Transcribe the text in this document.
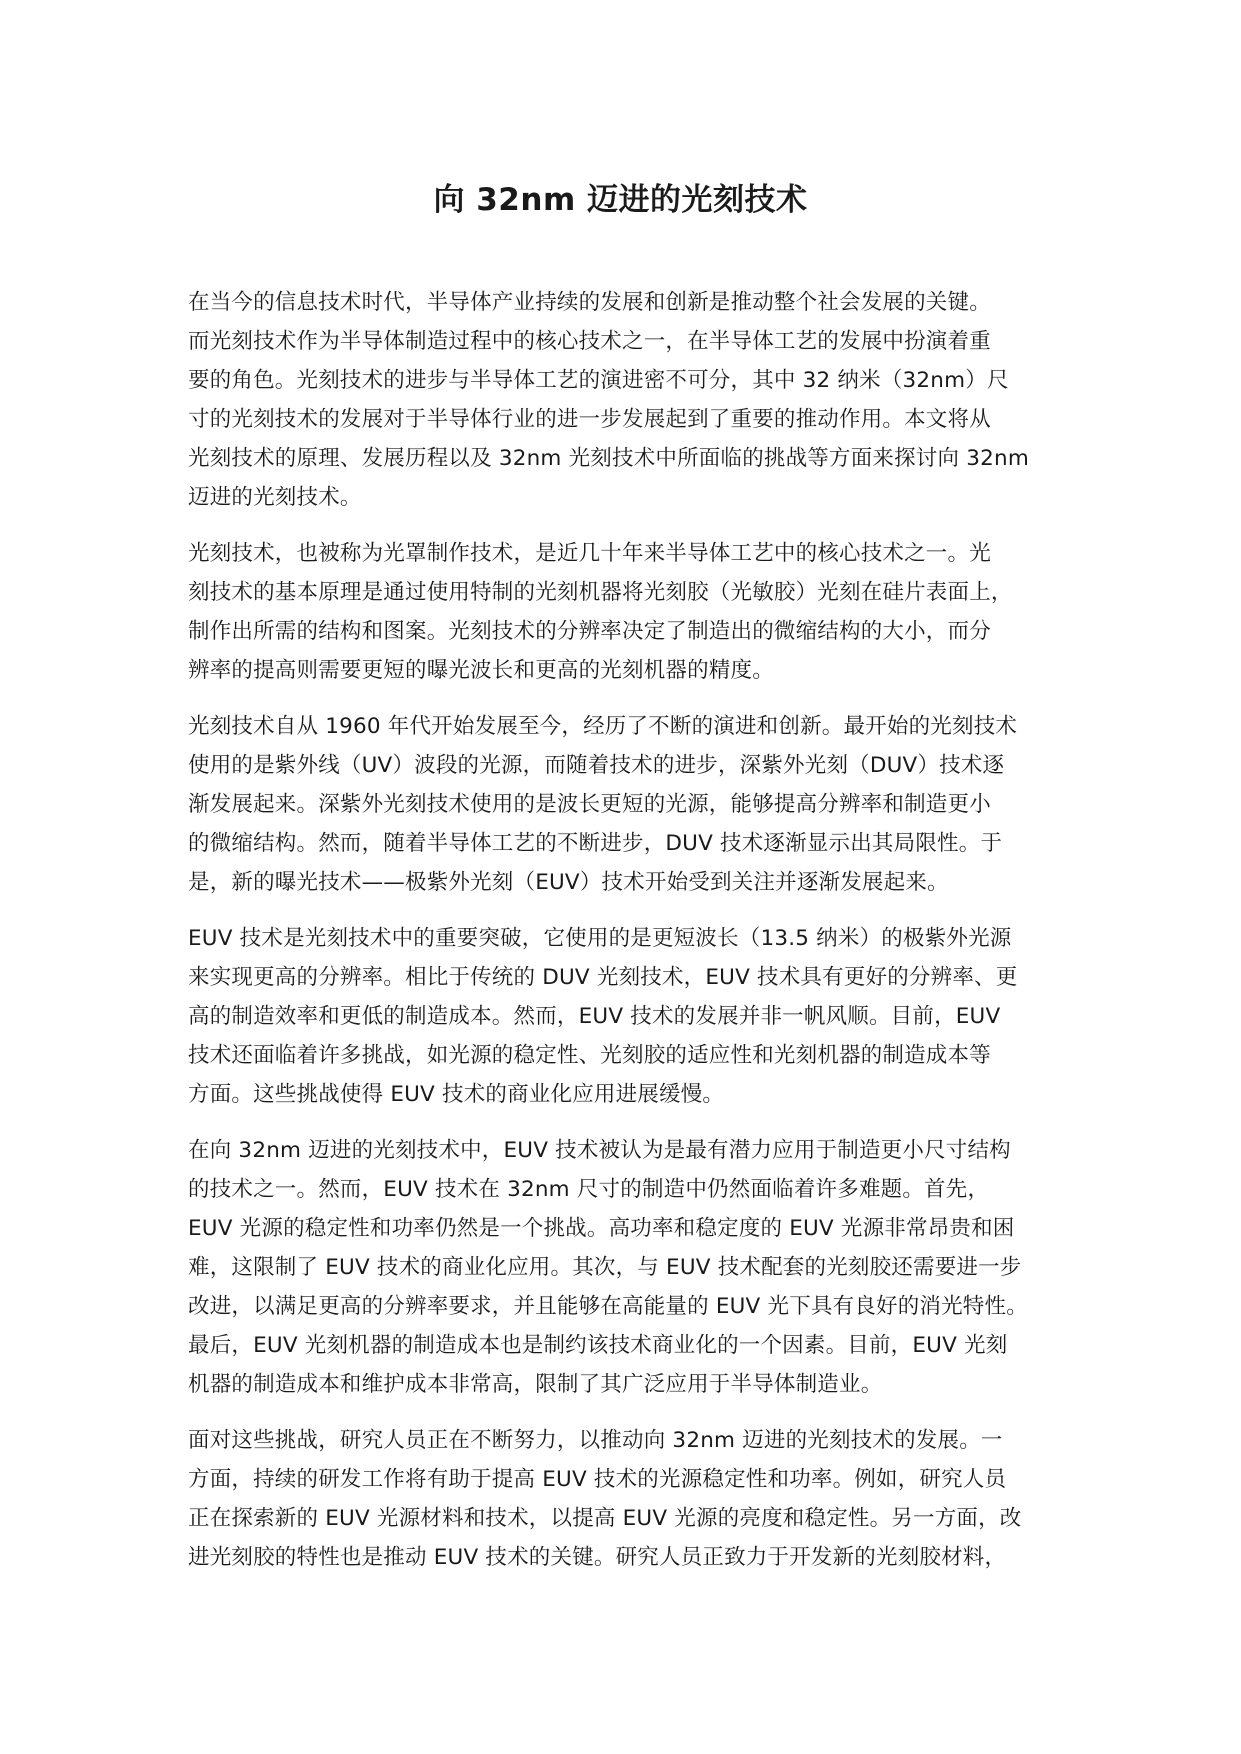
向 32nm 迈进的光刻技术

在当今的信息技术时代，半导体产业持续的发展和创新是推动整个社会发展的关键。
而光刻技术作为半导体制造过程中的核心技术之一，在半导体工艺的发展中扮演着重
要的角色。光刻技术的进步与半导体工艺的演进密不可分，其中 32 纳米（32nm）尺
寸的光刻技术的发展对于半导体行业的进一步发展起到了重要的推动作用。本文将从
光刻技术的原理、发展历程以及 32nm 光刻技术中所面临的挑战等方面来探讨向 32nm
迈进的光刻技术。

光刻技术，也被称为光罩制作技术，是近几十年来半导体工艺中的核心技术之一。光
刻技术的基本原理是通过使用特制的光刻机器将光刻胶（光敏胶）光刻在硅片表面上，
制作出所需的结构和图案。光刻技术的分辨率决定了制造出的微缩结构的大小，而分
辨率的提高则需要更短的曝光波长和更高的光刻机器的精度。

光刻技术自从 1960 年代开始发展至今，经历了不断的演进和创新。最开始的光刻技术
使用的是紫外线（UV）波段的光源，而随着技术的进步，深紫外光刻（DUV）技术逐
渐发展起来。深紫外光刻技术使用的是波长更短的光源，能够提高分辨率和制造更小
的微缩结构。然而，随着半导体工艺的不断进步，DUV 技术逐渐显示出其局限性。于
是，新的曝光技术——极紫外光刻（EUV）技术开始受到关注并逐渐发展起来。

EUV 技术是光刻技术中的重要突破，它使用的是更短波长（13.5 纳米）的极紫外光源
来实现更高的分辨率。相比于传统的 DUV 光刻技术，EUV 技术具有更好的分辨率、更
高的制造效率和更低的制造成本。然而，EUV 技术的发展并非一帆风顺。目前，EUV
技术还面临着许多挑战，如光源的稳定性、光刻胶的适应性和光刻机器的制造成本等
方面。这些挑战使得 EUV 技术的商业化应用进展缓慢。

在向 32nm 迈进的光刻技术中，EUV 技术被认为是最有潜力应用于制造更小尺寸结构
的技术之一。然而，EUV 技术在 32nm 尺寸的制造中仍然面临着许多难题。首先，
EUV 光源的稳定性和功率仍然是一个挑战。高功率和稳定度的 EUV 光源非常昂贵和困
难，这限制了 EUV 技术的商业化应用。其次，与 EUV 技术配套的光刻胶还需要进一步
改进，以满足更高的分辨率要求，并且能够在高能量的 EUV 光下具有良好的消光特性。
最后，EUV 光刻机器的制造成本也是制约该技术商业化的一个因素。目前，EUV 光刻
机器的制造成本和维护成本非常高，限制了其广泛应用于半导体制造业。

面对这些挑战，研究人员正在不断努力，以推动向 32nm 迈进的光刻技术的发展。一
方面，持续的研发工作将有助于提高 EUV 技术的光源稳定性和功率。例如，研究人员
正在探索新的 EUV 光源材料和技术，以提高 EUV 光源的亮度和稳定性。另一方面，改
进光刻胶的特性也是推动 EUV 技术的关键。研究人员正致力于开发新的光刻胶材料，
